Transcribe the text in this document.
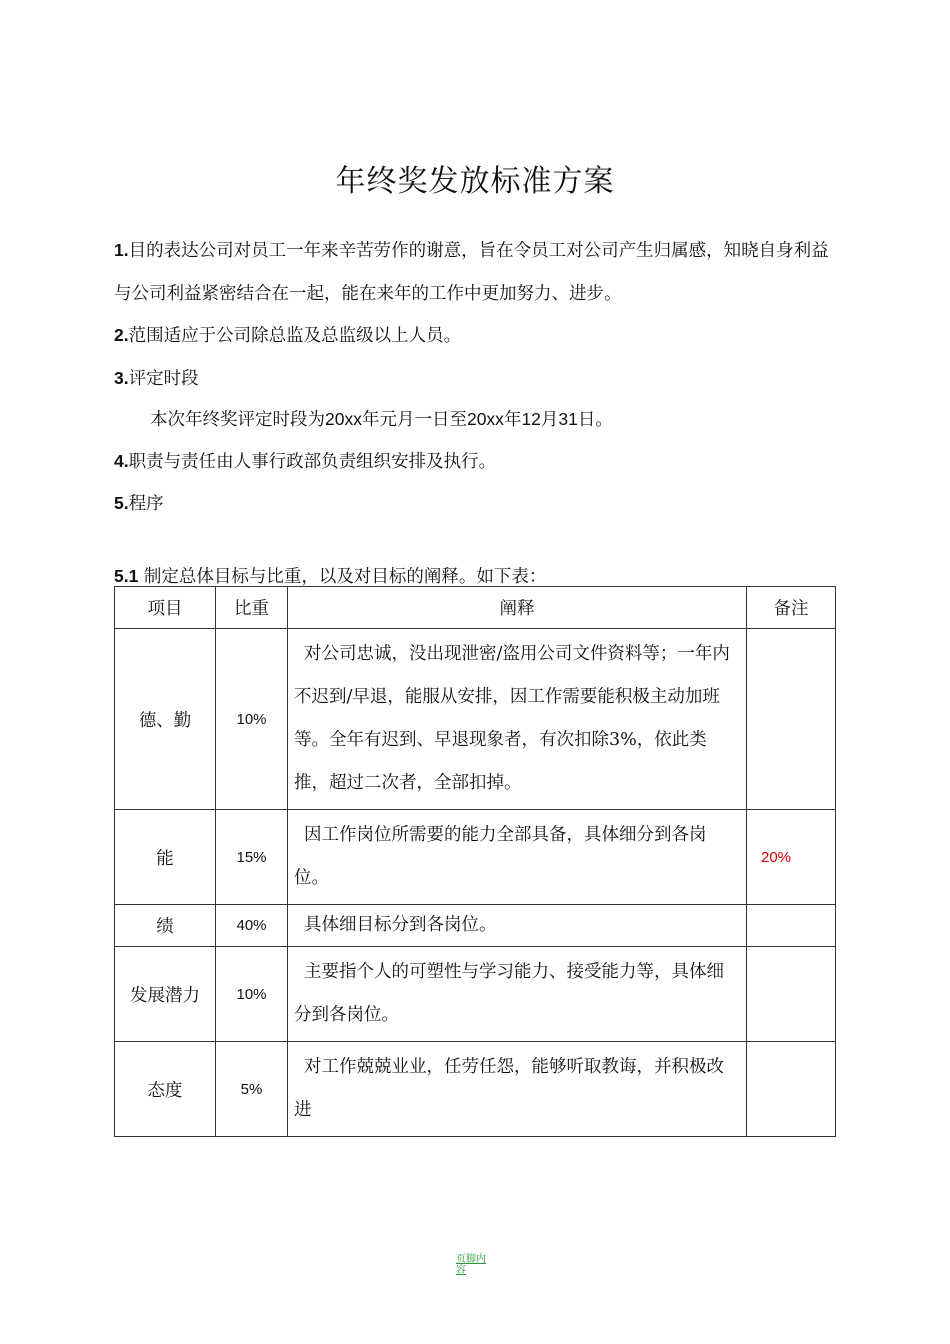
年终奖发放标准方案

1.目的表达公司对员工一年来辛苦劳作的谢意，旨在令员工对公司产生归属感，知晓自身利益与公司利益紧密结合在一起，能在来年的工作中更加努力、进步。

2.范围适应于公司除总监及总监级以上人员。

3.评定时段

本次年终奖评定时段为20xx年元月一日至20xx年12月31日。

4.职责与责任由人事行政部负责组织安排及执行。

5.程序

5.1 制定总体目标与比重，以及对目标的阐释。如下表：

项目	比重	阐释	备注
德、勤	10%	对公司忠诚，没出现泄密/盗用公司文件资料等；一年内不迟到/早退，能服从安排，因工作需要能积极主动加班等。全年有迟到、早退现象者，有次扣除3%，依此类推，超过二次者，全部扣掉。	

能	15%	因工作岗位所需要的能力全部具备，具体细分到各岗位。	20%
绩	40%	具体细目标分到各岗位。	

发展潜力	10%	主要指个人的可塑性与学习能力、接受能力等，具体细分到各岗位。	

态度	5%	对工作兢兢业业，任劳任怨，能够听取教诲，并积极改进	

页脚内容
